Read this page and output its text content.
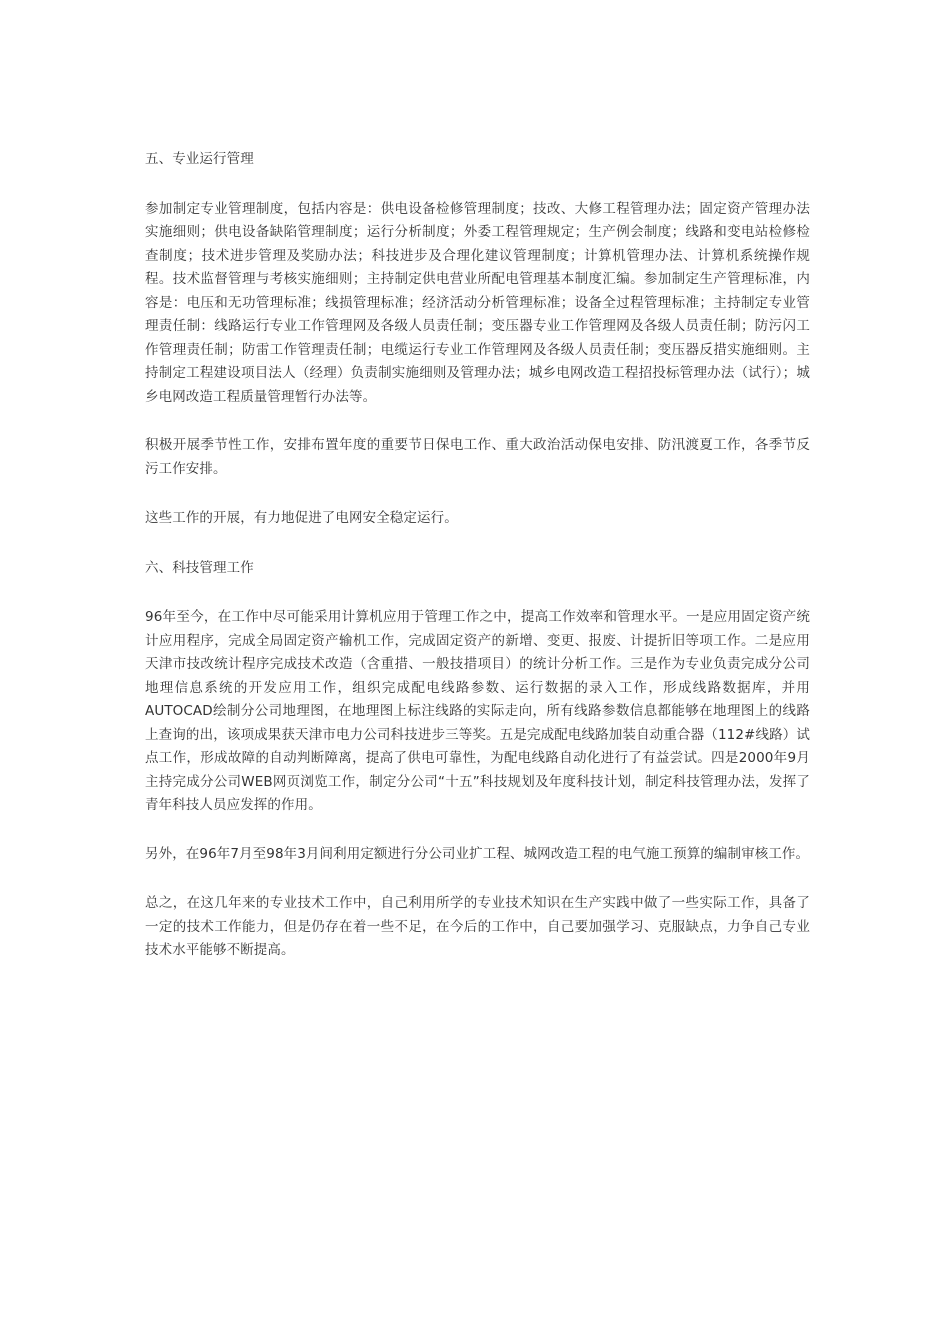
五、专业运行管理

参加制定专业管理制度，包括内容是：供电设备检修管理制度；技改、大修工程管理办法；固定资产管理办法实施细则；供电设备缺陷管理制度；运行分析制度；外委工程管理规定；生产例会制度；线路和变电站检修检查制度；技术进步管理及奖励办法；科技进步及合理化建议管理制度；计算机管理办法、计算机系统操作规程。技术监督管理与考核实施细则；主持制定供电营业所配电管理基本制度汇编。参加制定生产管理标准，内容是：电压和无功管理标准；线损管理标准；经济活动分析管理标准；设备全过程管理标准；主持制定专业管理责任制：线路运行专业工作管理网及各级人员责任制；变压器专业工作管理网及各级人员责任制；防污闪工作管理责任制；防雷工作管理责任制；电缆运行专业工作管理网及各级人员责任制；变压器反措实施细则。主持制定工程建设项目法人（经理）负责制实施细则及管理办法；城乡电网改造工程招投标管理办法（试行）；城乡电网改造工程质量管理暂行办法等。

积极开展季节性工作，安排布置年度的重要节日保电工作、重大政治活动保电安排、防汛渡夏工作，各季节反污工作安排。

这些工作的开展，有力地促进了电网安全稳定运行。

六、科技管理工作

96年至今，在工作中尽可能采用计算机应用于管理工作之中，提高工作效率和管理水平。一是应用固定资产统计应用程序，完成全局固定资产输机工作，完成固定资产的新增、变更、报废、计提折旧等项工作。二是应用天津市技改统计程序完成技术改造（含重措、一般技措项目）的统计分析工作。三是作为专业负责完成分公司地理信息系统的开发应用工作，组织完成配电线路参数、运行数据的录入工作，形成线路数据库，并用AUTOCAD绘制分公司地理图，在地理图上标注线路的实际走向，所有线路参数信息都能够在地理图上的线路上查询的出，该项成果获天津市电力公司科技进步三等奖。五是完成配电线路加装自动重合器（112#线路）试点工作，形成故障的自动判断障离，提高了供电可靠性，为配电线路自动化进行了有益尝试。四是2000年9月主持完成分公司WEB网页浏览工作，制定分公司“十五”科技规划及年度科技计划，制定科技管理办法，发挥了青年科技人员应发挥的作用。

另外，在96年7月至98年3月间利用定额进行分公司业扩工程、城网改造工程的电气施工预算的编制审核工作。

总之，在这几年来的专业技术工作中，自己利用所学的专业技术知识在生产实践中做了一些实际工作，具备了一定的技术工作能力，但是仍存在着一些不足，在今后的工作中，自己要加强学习、克服缺点，力争自己专业技术水平能够不断提高。
